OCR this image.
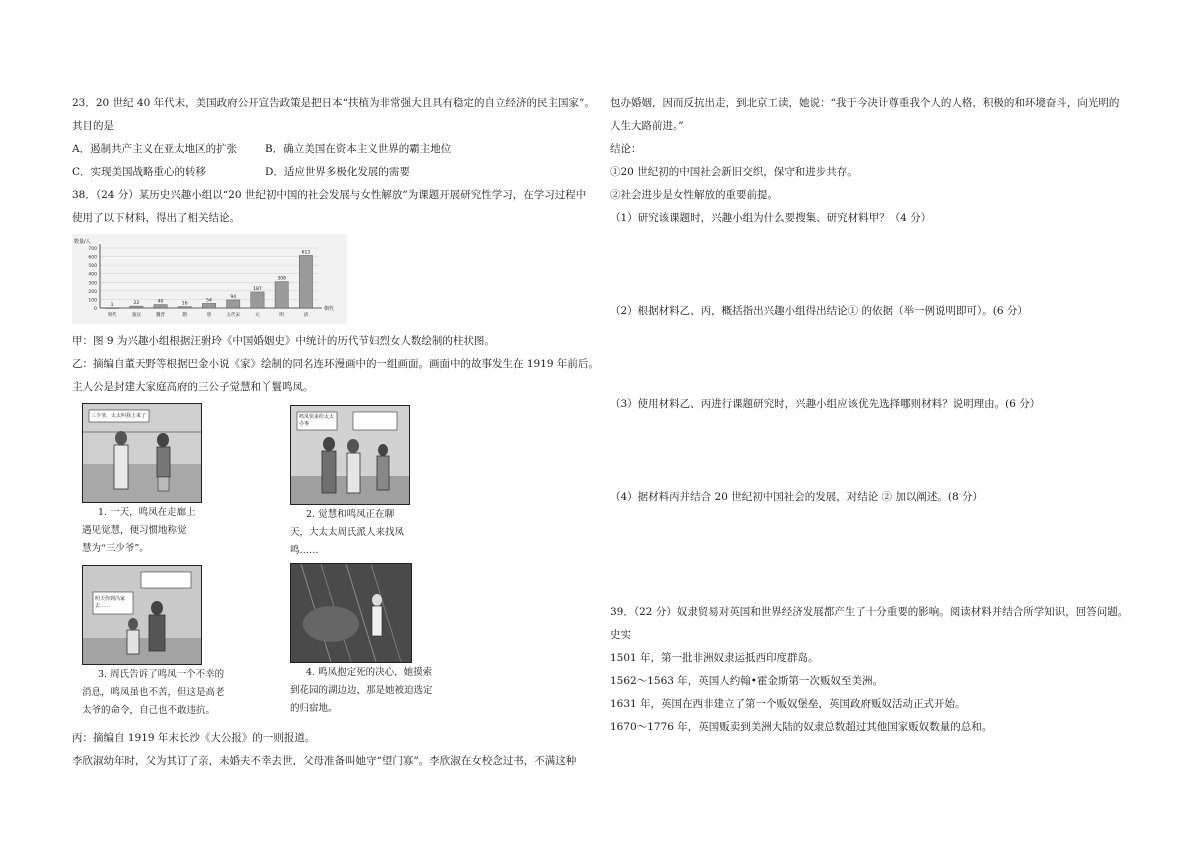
23．20 世纪 40 年代末，美国政府公开宣告政策是把日本“扶植为非常强大且具有稳定的自立经济的民主国家”。
其目的是
A．遏制共产主义在亚太地区的扩张	B．确立美国在资本主义世界的霸主地位
C．实现美国战略重心的转移	D．适应世界多极化发展的需要
38．（24 分）某历史兴趣小组以“20 世纪初中国的社会发展与女性解放”为课题开展研究性学习，在学习过程中
使用了以下材料，得出了相关结论。
0
100
200
300
400
500
600
700
数量/人
朝代
1
周代
22
秦汉
40
魏晋
16
隋
54
唐
94
五代宋
187
元
308
明
613
清
甲：图 9 为兴趣小组根据汪驸玲《中国婚姻史》中统计的历代节妇烈女人数绘制的柱状图。
乙：摘编自董天野等根据巴金小说《家》绘制的同名连环漫画中的一组画面。画面中的故事发生在 1919 年前后。
主人公是封建大家庭高府的三公子觉慧和丫鬟鸣凤。
三少爷，太太叫我上来了
1. 一天，鸣凤在走廊上
遇见觉慧，便习惯地称觉
慧为“三少爷”。
鸣凤快来给太太办事
2. 觉慧和鸣凤正在聊
天，大太太周氏派人来找凤
鸣……
明天你到冯家去……
3. 周氏告诉了鸣凤一个不幸的
消息，鸣凤虽也不苦，但这是高老
太爷的命令，自己也不敢违抗。
4. 鸣凤抱定死的决心，她摸索
到花园的湖边边，那是她被迫选定
的归宿地。
丙：摘编自 1919 年末长沙《大公报》的一则报道。
李欣淑幼年时，父为其订了亲，未婚夫不幸去世，父母准备叫她守“望门寡”。李欣淑在女校念过书，不满这种
包办婚姻，因而反抗出走，到北京工读，她说：“我于今决计尊重我个人的人格，积极的和环境奋斗，向光明的
人生大路前进。”
结论：
①20 世纪初的中国社会新旧交织，保守和进步共存。
②社会进步是女性解放的重要前提。
（1）研究该课题时，兴趣小组为什么要搜集、研究材料甲？（4 分）
（2）根据材料乙、丙，概括指出兴趣小组得出结论① 的依据（举一例说明即可）。(6 分）
（3）使用材料乙、丙进行课题研究时，兴趣小组应该优先选择哪则材料？说明理由。(6 分）
（4）据材料丙并结合 20 世纪初中国社会的发展，对结论 ② 加以阐述。(8 分）
39．（22 分）奴隶贸易对英国和世界经济发展都产生了十分重要的影响。阅读材料并结合所学知识，回答问题。
史实
1501 年，第一批非洲奴隶运抵西印度群岛。
1562～1563 年，英国人约翰•霍金斯第一次贩奴至美洲。
1631 年，英国在西非建立了第一个贩奴堡垒，英国政府贩奴活动正式开始。
1670～1776 年，英国贩卖到美洲大陆的奴隶总数超过其他国家贩奴数量的总和。
